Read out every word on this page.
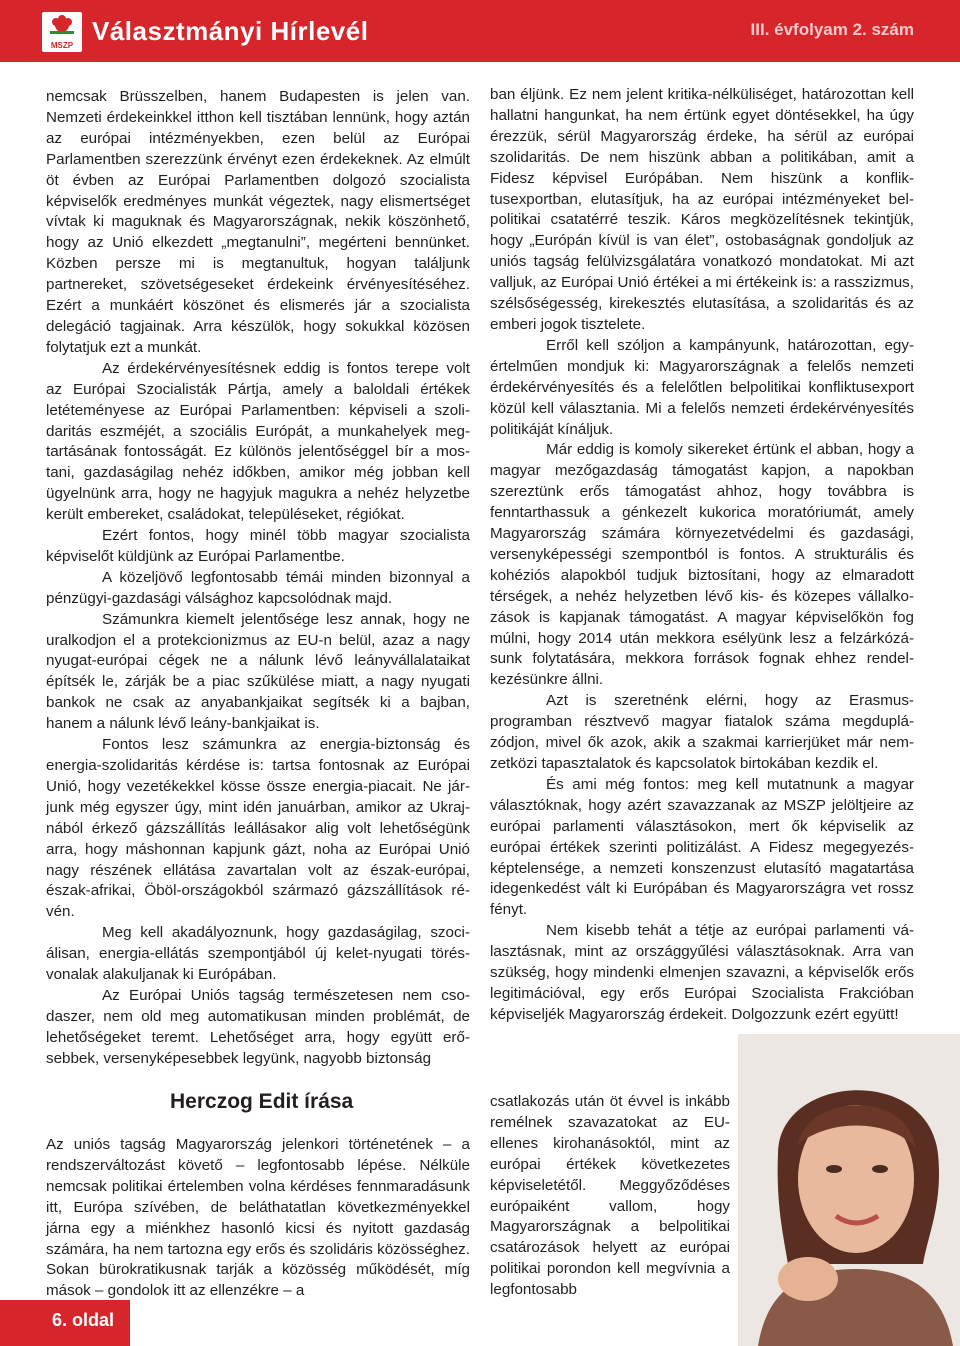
MSZP Választmányi Hírlevél	III. évfolyam 2. szám

nemcsak Brüsszelben, hanem Budapesten is jelen van. Nemzeti érdekeinkkel itthon kell tisztában lennünk, hogy aztán az európai intézményekben, ezen belül az Európai Parlamentben szerezzünk érvényt ezen érdekeknek. Az elmúlt öt évben az Európai Parlamentben dolgozó szocialista képviselők eredményes munkát végeztek, nagy elismertséget vívtak ki maguknak és Magyarországnak, nekik köszönhető, hogy az Unió elkezdett „megtanulni”, megérteni bennünket. Közben persze mi is megtanultuk, hogyan találjunk partnereket, szövetségeseket érdekeink érvényesítéséhez. Ezért a munkáért köszönet és elismerés jár a szocialista delegáció tagjainak. Arra készülök, hogy sokukkal közösen folytatjuk ezt a munkát.

Az érdekérvényesítésnek eddig is fontos terepe volt az Európai Szocialisták Pártja, amely a baloldali értékek letéteményese az Európai Parlamentben: képviseli a szolidaritás eszméjét, a szociális Európát, a munkahelyek megtartásának fontosságát. Ez különös jelentőséggel bír a mostani, gazdaságilag nehéz időkben, amikor még jobban kell ügyelnünk arra, hogy ne hagyjuk magukra a nehéz helyzetbe került embereket, családokat, településeket, régiókat.

Ezért fontos, hogy minél több magyar szocialista képviselőt küldjünk az Európai Parlamentbe.

A közeljövő legfontosabb témái minden bizonnyal a pénzügyi-gazdasági válsághoz kapcsolódnak majd.

Számunkra kiemelt jelentősége lesz annak, hogy ne uralkodjon el a protekcionizmus az EU-n belül, azaz a nagy nyugat-európai cégek ne a nálunk lévő leányvállalataikat építsék le, zárják be a piac szűkülése miatt, a nagy nyugati bankok ne csak az anyabankjaikat segítsék ki a bajban, hanem a nálunk lévő leány-bankjaikat is.

Fontos lesz számunkra az energia-biztonság és energia-szolidaritás kérdése is: tartsa fontosnak az Európai Unió, hogy vezetékekkel kösse össze energia-piacait. Ne járjunk még egyszer úgy, mint idén januárban, amikor az Ukrajnából érkező gázszállítás leállásakor alig volt lehetőségünk arra, hogy máshonnan kapjunk gázt, noha az Európai Unió nagy részének ellátása zavartalan volt az észak-európai, észak-afrikai, Öböl-országokból származó gázszállítások révén.

Meg kell akadályoznunk, hogy gazdaságilag, szociálisan, energia-ellátás szempontjából új kelet-nyugati törésvonalak alakuljanak ki Európában.

Az Európai Uniós tagság természetesen nem csodaszer, nem old meg automatikusan minden problémát, de lehetőségeket teremt. Lehetőséget arra, hogy együtt erősebbek, versenyképesebbek legyünk, nagyobb biztonság

ban éljünk. Ez nem jelent kritika-nélküliséget, határozottan kell hallatni hangunkat, ha nem értünk egyet döntésekkel, ha úgy érezzük, sérül Magyarország érdeke, ha sérül az európai szolidaritás. De nem hiszünk abban a politikában, amit a Fidesz képvisel Európában. Nem hiszünk a konfliktusexportban, elutasítjuk, ha az európai intézményeket belpolitikai csatatérré teszik. Káros megközelítésnek tekintjük, hogy „Európán kívül is van élet”, ostobaságnak gondoljuk az uniós tagság felülvizsgálatára vonatkozó mondatokat. Mi azt valljuk, az Európai Unió értékei a mi értékeink is: a rasszizmus, szélsőségesség, kirekesztés elutasítása, a szolidaritás és az emberi jogok tisztelete.

Erről kell szóljon a kampányunk, határozottan, egyértelműen mondjuk ki: Magyarországnak a felelős nemzeti érdekérvényesítés és a felelőtlen belpolitikai konfliktusexport közül kell választania. Mi a felelős nemzeti érdekérvényesítés politikáját kínáljuk.

Már eddig is komoly sikereket értünk el abban, hogy a magyar mezőgazdaság támogatást kapjon, a napokban szereztünk erős támogatást ahhoz, hogy továbbra is fenntarthassuk a génkezelt kukorica moratóriumát, amely Magyarország számára környezetvédelmi és gazdasági, versenyképességi szempontból is fontos. A strukturális és kohéziós alapokból tudjuk biztosítani, hogy az elmaradott térségek, a nehéz helyzetben lévő kis- és közepes vállalkozások is kapjanak támogatást. A magyar képviselőkön fog múlni, hogy 2014 után mekkora esélyünk lesz a felzárkózásunk folytatására, mekkora források fognak ehhez rendelkezésünkre állni.

Azt is szeretnénk elérni, hogy az Erasmus-programban résztvevő magyar fiatalok száma megduplázódjon, mivel ők azok, akik a szakmai karrierjüket már nemzetközi tapasztalatok és kapcsolatok birtokában kezdik el.

És ami még fontos: meg kell mutatnunk a magyar választóknak, hogy azért szavazzanak az MSZP jelöltjeire az európai parlamenti választásokon, mert ők képviselik az európai értékek szerinti politizálást. A Fidesz megegyezésképtelensége, a nemzeti konszenzust elutasító magatartása idegenkedést vált ki Európában és Magyarországra vet rossz fényt.

Nem kisebb tehát a tétje az európai parlamenti választásnak, mint az országgyűlési választásoknak. Arra van szükség, hogy mindenki elmenjen szavazni, a képviselők erős legitimációval, egy erős Európai Szocialista Frakcióban képviseljék Magyarország érdekeit. Dolgozzunk ezért együtt!

Herczog Edit írása
Az uniós tagság Magyarország jelenkori történetének – a rendszerváltozást követő – legfontosabb lépése. Nélküle nemcsak politikai értelemben volna kérdéses fennmaradásunk itt, Európa szívében, de beláthatatlan következményekkel járna egy a miénkhez hasonló kicsi és nyitott gazdaság számára, ha nem tartozna egy erős és szolidáris közösséghez. Sokan bürokratikusnak tarják a közösség működését, míg mások – gondolok itt az ellenzékre – a
csatlakozás után öt évvel is inkább remélnek szavazatokat az EU-ellenes kirohanásoktól, mint az európai értékek következetes képviseletétől. Meggyőződéses európaiként vallom, hogy Magyarországnak a belpolitikai csatározások helyett az európai politikai porondon kell megvívnia a legfontosabb
6. oldal
